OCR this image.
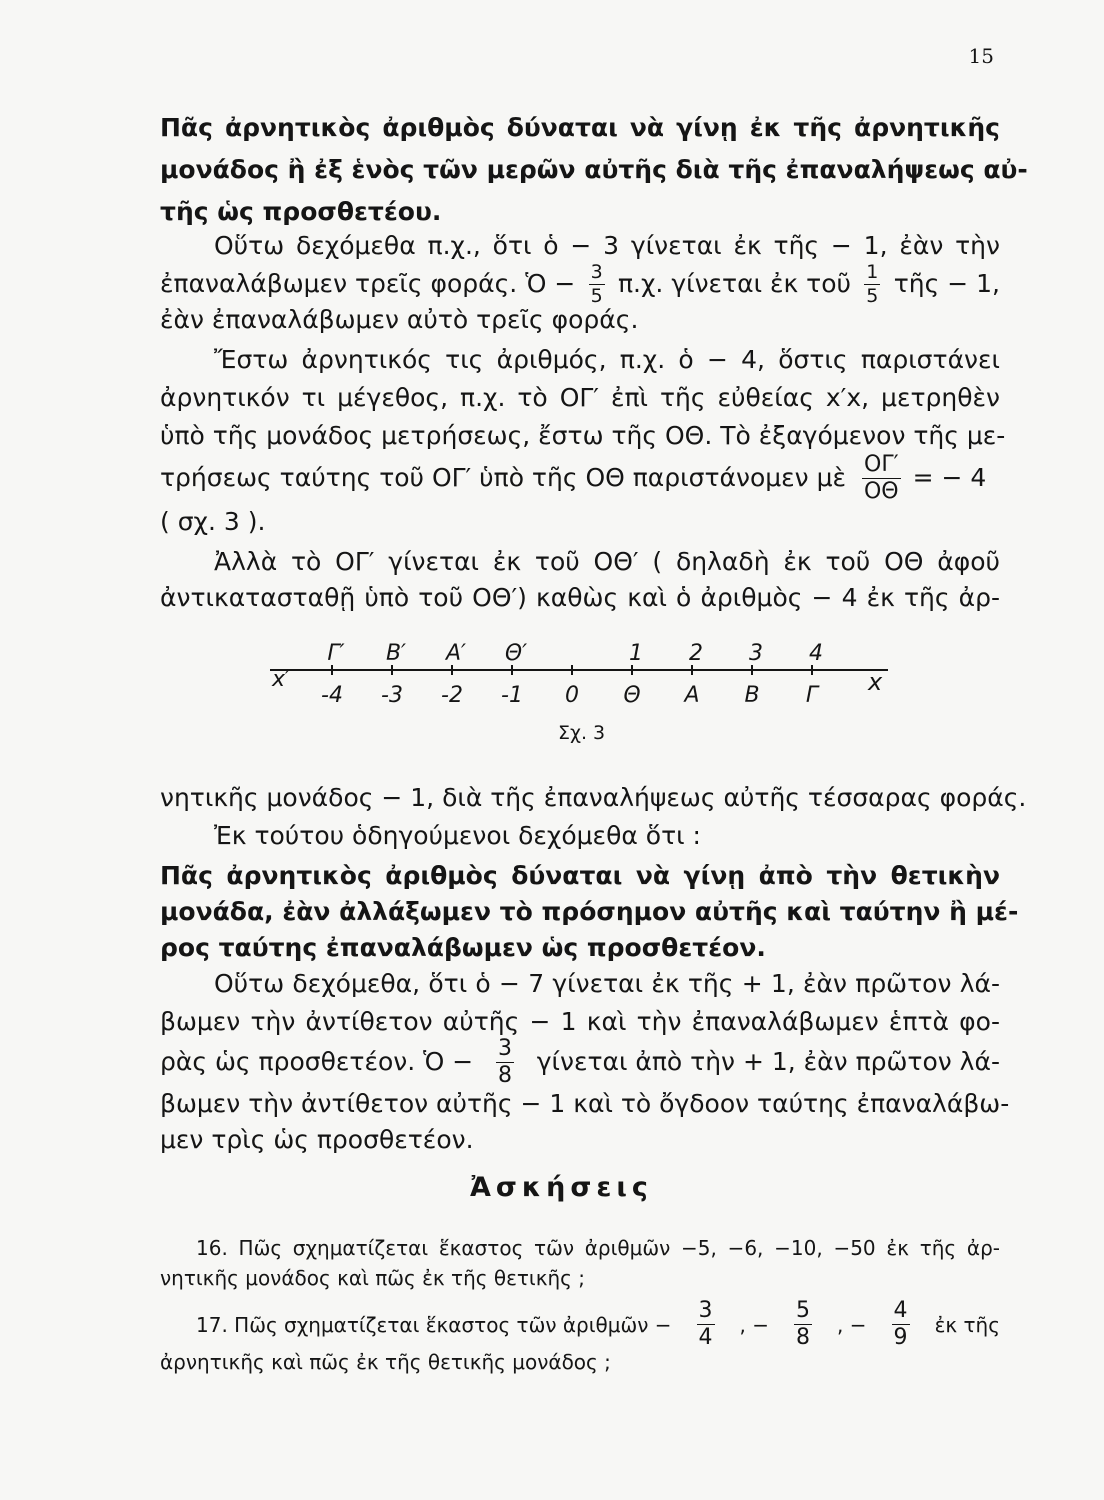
15
Πᾶς ἀρνητικὸς ἀριθμὸς δύναται νὰ γίνῃ ἐκ τῆς ἀρνητικῆς
μονάδος ἢ ἐξ ἑνὸς τῶν μερῶν αὐτῆς διὰ τῆς ἐπαναλήψεως αὐ-
τῆς ὡς προσθετέου.
Οὕτω δεχόμεθα π.χ., ὅτι ὁ − 3 γίνεται ἐκ τῆς − 1, ἐὰν τὴν
ἐπαναλάβωμεν τρεῖς φοράς. Ὁ − $\frac{3}{5} \pi.\chi$. γίνεται ἐκ τοῦ $\frac{1}{5}$ τῆς − 1,
ἐὰν ἐπαναλάβωμεν αὐτὸ τρεῖς φοράς.
Ἔστω ἀρνητικός τις ἀριθμός, π.χ. ὁ − 4, ὅστις παριστάνει
ἀρνητικόν τι μέγεθος, π.χ. τὸ ΟΓ′ ἐπὶ τῆς εὐθείας x′x, μετρηθὲν
ὑπὸ τῆς μονάδος μετρήσεως, ἔστω τῆς ΟΘ. Τὸ ἐξαγόμενον τῆς με-
τρήσεως ταύτης τοῦ ΟΓ′ ὑπὸ τῆς ΟΘ παριστάνομεν μὲ $\frac{O\Gamma'}{O\Theta}$ = − 4
( σχ. 3 ).
Ἀλλὰ τὸ ΟΓ′ γίνεται ἐκ τοῦ ΟΘ′ ( δηλαδὴ ἐκ τοῦ ΟΘ ἀφοῦ
ἀντικατασταθῇ ὑπὸ τοῦ ΟΘ′) καθὼς καὶ ὁ ἀριθμὸς − 4 ἐκ τῆς ἀρ-
Γ′ Β′ Α′ Θ′	1 2 3 4
-4 -3 -2 -1 0 Θ Α Β Γ
x′	x
Σχ. 3
νητικῆς μονάδος − 1, διὰ τῆς ἐπαναλήψεως αὐτῆς τέσσαρας φοράς.
Ἐκ τούτου ὁδηγούμενοι δεχόμεθα ὅτι :
Πᾶς ἀρνητικὸς ἀριθμὸς δύναται νὰ γίνῃ ἀπὸ τὴν θετικὴν
μονάδα, ἐὰν ἀλλάξωμεν τὸ πρόσημον αὐτῆς καὶ ταύτην ἢ μέ-
ρος ταύτης ἐπαναλάβωμεν ὡς προσθετέον.
Οὕτω δεχόμεθα, ὅτι ὁ − 7 γίνεται ἐκ τῆς + 1, ἐὰν πρῶτον λά-
βωμεν τὴν ἀντίθετον αὐτῆς − 1 καὶ τὴν ἐπαναλάβωμεν ἑπτὰ φο-
ρὰς ὡς προσθετέον. Ὁ − $\frac{3}{8}$ γίνεται ἀπὸ τὴν + 1, ἐὰν πρῶτον λά-
βωμεν τὴν ἀντίθετον αὐτῆς − 1 καὶ τὸ ὄγδοον ταύτης ἐπαναλάβω-
μεν τρὶς ὡς προσθετέον.
Ἀσκήσεις
16. Πῶς σχηματίζεται ἕκαστος τῶν ἀριθμῶν −5, −6, −10, −50 ἐκ τῆς ἀρ-
νητικῆς μονάδος καὶ πῶς ἐκ τῆς θετικῆς ;
17. Πῶς σχηματίζεται ἕκαστος τῶν ἀριθμῶν − $\frac{3}{4}$ , − $\frac{5}{8}$ , − $\frac{4}{9}$ ἐκ τῆς
ἀρνητικῆς καὶ πῶς ἐκ τῆς θετικῆς μονάδος ;
